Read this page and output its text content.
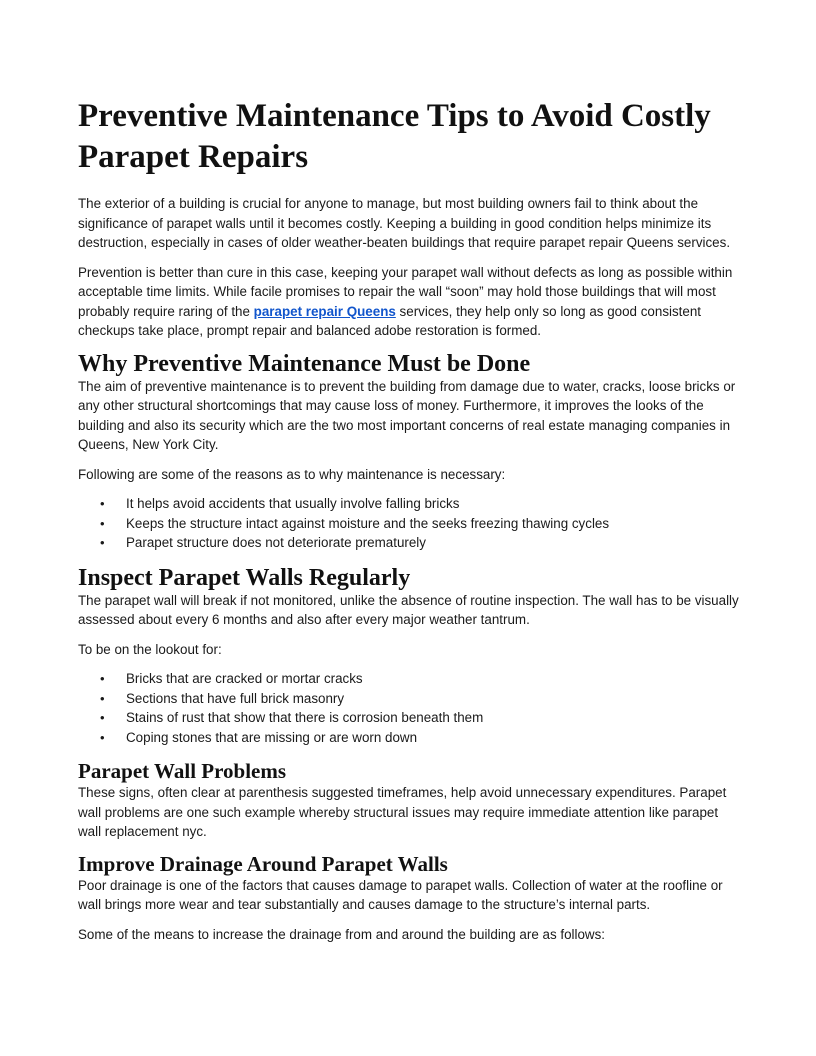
Preventive Maintenance Tips to Avoid Costly Parapet Repairs

The exterior of a building is crucial for anyone to manage, but most building owners fail to think about the significance of parapet walls until it becomes costly. Keeping a building in good condition helps minimize its destruction, especially in cases of older weather-beaten buildings that require parapet repair Queens services.

Prevention is better than cure in this case, keeping your parapet wall without defects as long as possible within acceptable time limits. While facile promises to repair the wall “soon” may hold those buildings that will most probably require raring of the parapet repair Queens services, they help only so long as good consistent checkups take place, prompt repair and balanced adobe restoration is formed.

Why Preventive Maintenance Must be Done

The aim of preventive maintenance is to prevent the building from damage due to water, cracks, loose bricks or any other structural shortcomings that may cause loss of money. Furthermore, it improves the looks of the building and also its security which are the two most important concerns of real estate managing companies in Queens, New York City.

Following are some of the reasons as to why maintenance is necessary:

• It helps avoid accidents that usually involve falling bricks
• Keeps the structure intact against moisture and the seeks freezing thawing cycles
• Parapet structure does not deteriorate prematurely
Inspect Parapet Walls Regularly

The parapet wall will break if not monitored, unlike the absence of routine inspection. The wall has to be visually assessed about every 6 months and also after every major weather tantrum.

To be on the lookout for:

• Bricks that are cracked or mortar cracks
• Sections that have full brick masonry
• Stains of rust that show that there is corrosion beneath them
• Coping stones that are missing or are worn down
Parapet Wall Problems

These signs, often clear at parenthesis suggested timeframes, help avoid unnecessary expenditures. Parapet wall problems are one such example whereby structural issues may require immediate attention like parapet wall replacement nyc.

Improve Drainage Around Parapet Walls

Poor drainage is one of the factors that causes damage to parapet walls. Collection of water at the roofline or wall brings more wear and tear substantially and causes damage to the structure’s internal parts.

Some of the means to increase the drainage from and around the building are as follows:
